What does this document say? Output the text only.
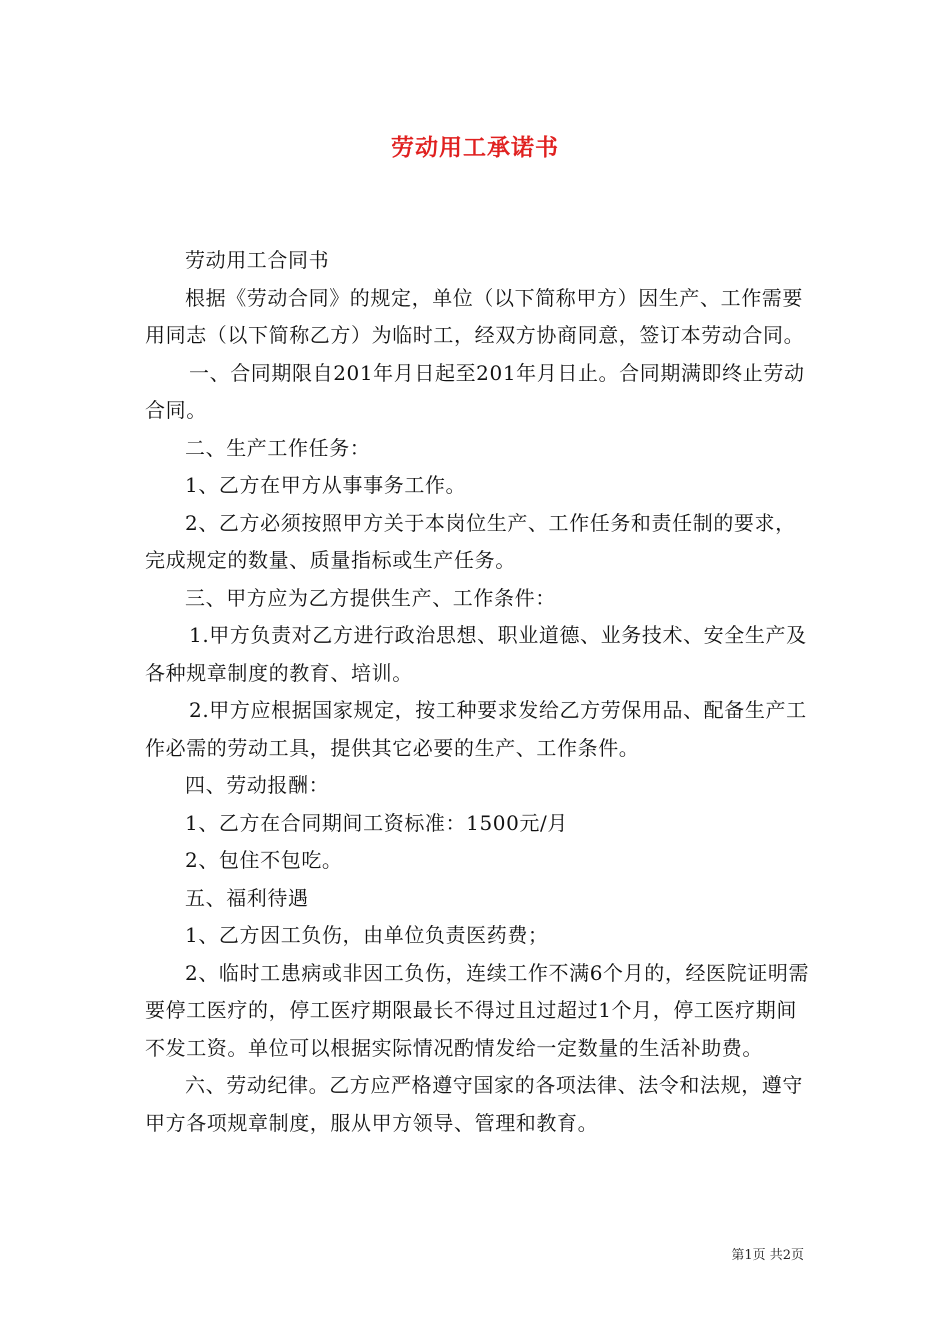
劳动用工承诺书

劳动用工合同书

根据《劳动合同》的规定，单位（以下简称甲方）因生产、工作需要用同志（以下简称乙方）为临时工，经双方协商同意，签订本劳动合同。

一、合同期限自201年月日起至201年月日止。合同期满即终止劳动合同。

二、生产工作任务：

1、乙方在甲方从事事务工作。

2、乙方必须按照甲方关于本岗位生产、工作任务和责任制的要求，完成规定的数量、质量指标或生产任务。

三、甲方应为乙方提供生产、工作条件：

1.甲方负责对乙方进行政治思想、职业道德、业务技术、安全生产及各种规章制度的教育、培训。

2.甲方应根据国家规定，按工种要求发给乙方劳保用品、配备生产工作必需的劳动工具，提供其它必要的生产、工作条件。

四、劳动报酬：

1、乙方在合同期间工资标准：1500元/月

2、包住不包吃。

五、福利待遇

1、乙方因工负伤，由单位负责医药费；

2、临时工患病或非因工负伤，连续工作不满6个月的，经医院证明需要停工医疗的，停工医疗期限最长不得过且过超过1个月，停工医疗期间不发工资。单位可以根据实际情况酌情发给一定数量的生活补助费。

六、劳动纪律。乙方应严格遵守国家的各项法律、法令和法规，遵守甲方各项规章制度，服从甲方领导、管理和教育。

第1页 共2页
